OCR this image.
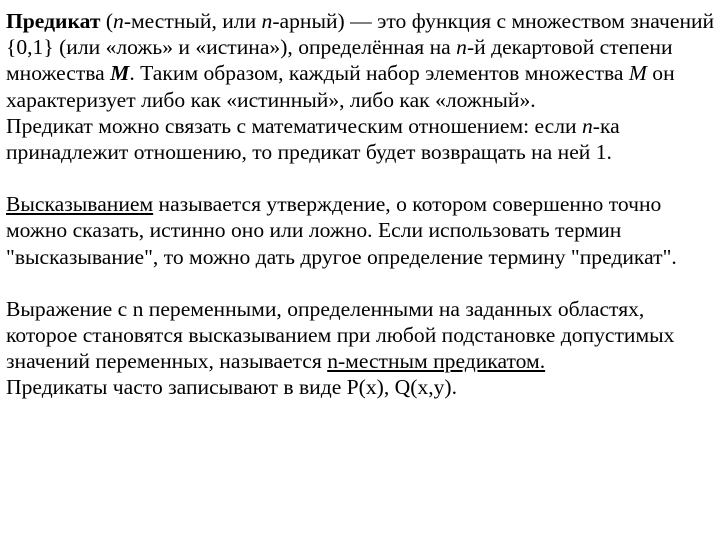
Предикат (n-местный, или n-арный) — это функция с множеством значений {0,1} (или «ложь» и «истина»), определённая на n-й декартовой степени множества M. Таким образом, каждый набор элементов множества M он характеризует либо как «истинный», либо как «ложный».

Предикат можно связать с математическим отношением: если n-ка принадлежит отношению, то предикат будет возвращать на ней 1.

Высказыванием называется утверждение, о котором совершенно точно можно сказать, истинно оно или ложно. Если использовать термин "высказывание", то можно дать другое определение термину "предикат".

Выражение с n переменными, определенными на заданных областях, которое становятся высказыванием при любой подстановке допустимых значений переменных, называется n-местным предикатом.

Предикаты часто записывают в виде P(x), Q(x,y).
